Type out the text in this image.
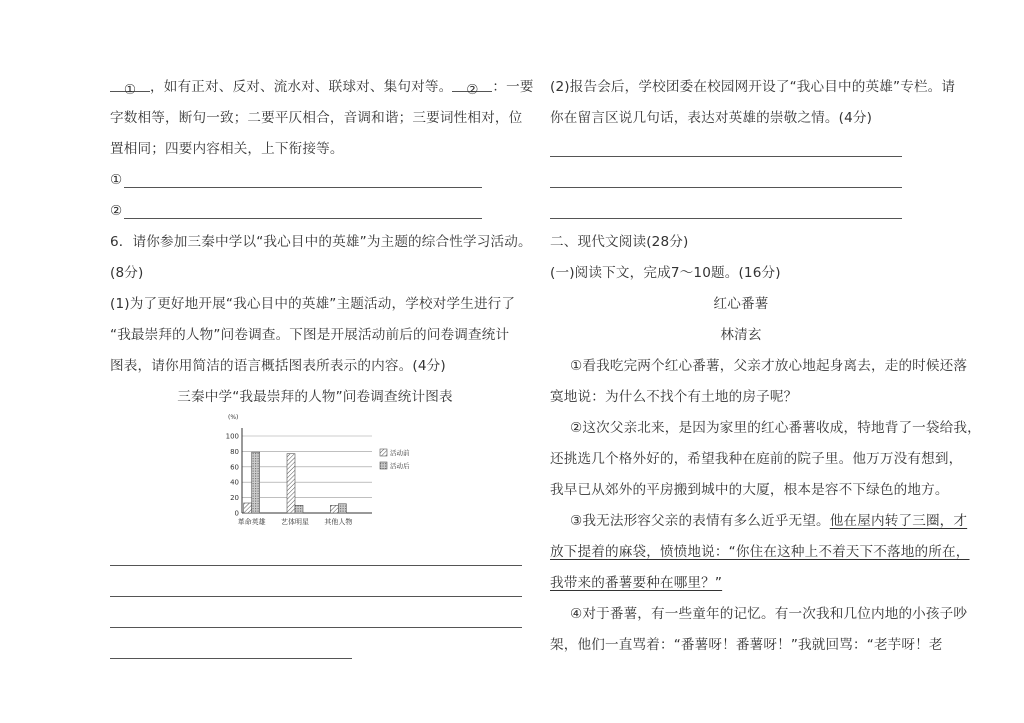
① ，如有正对、反对、流水对、联球对、集句对等。 ② ：一要
字数相等，断句一致；二要平仄相合，音调和谐；三要词性相对，位
置相同；四要内容相关，上下衔接等。
①
②
6．请你参加三秦中学以“我心目中的英雄”为主题的综合性学习活动。
(8分)
(1)为了更好地开展“我心目中的英雄”主题活动，学校对学生进行了
“我最崇拜的人物”问卷调查。下图是开展活动前后的问卷调查统计
图表，请你用简洁的语言概括图表所表示的内容。(4分)
三秦中学“我最崇拜的人物”问卷调查统计图表
(%)
0
20
40
60
80
100
革命英雄 艺体明星 其他人物
活动前
活动后
(2)报告会后，学校团委在校园网开设了“我心目中的英雄”专栏。请
你在留言区说几句话，表达对英雄的崇敬之情。(4分)
二、现代文阅读(28分)
(一)阅读下文，完成7～10题。(16分)
红心番薯
林清玄
①看我吃完两个红心番薯，父亲才放心地起身离去，走的时候还落
寞地说：为什么不找个有土地的房子呢？
②这次父亲北来，是因为家里的红心番薯收成，特地背了一袋给我，
还挑选几个格外好的，希望我种在庭前的院子里。他万万没有想到，
我早已从郊外的平房搬到城中的大厦，根本是容不下绿色的地方。
③我无法形容父亲的表情有多么近乎无望。他在屋内转了三圈，才
放下提着的麻袋，愤愤地说：“你住在这种上不着天下不落地的所在，
我带来的番薯要种在哪里？”
④对于番薯，有一些童年的记忆。有一次我和几位内地的小孩子吵
架，他们一直骂着：“番薯呀！番薯呀！”我就回骂：“老芋呀！老
